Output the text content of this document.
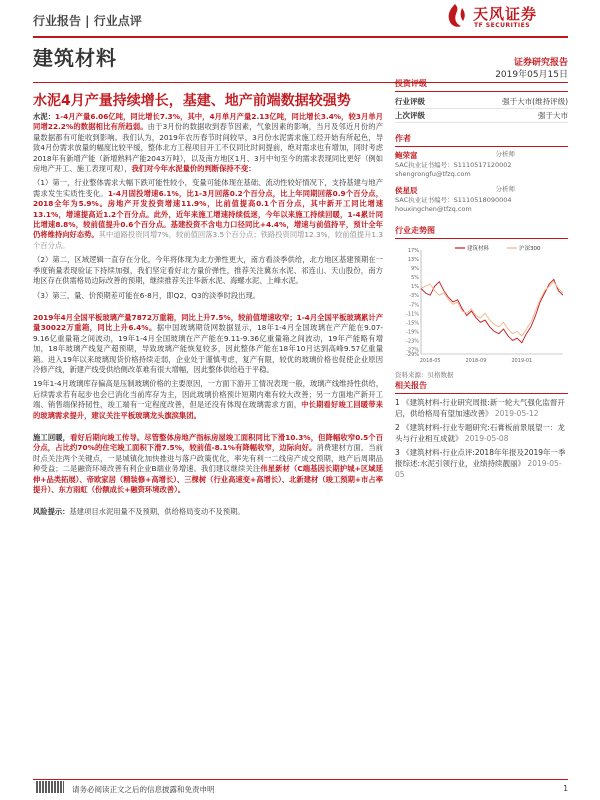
行业报告 | 行业点评	天风证券
TF SECURITIES
建筑材料	证券研究报告
2019年05月15日
水泥4月产量持续增长，基建、地产前端数据较强势

水泥：1-4月产量6.06亿吨，同比增长7.3%，其中，4月单月产量2.13亿吨，同比增长3.4%，较3月单月同增22.2%的数据相比有所趋弱。由于3月份的数据收到春节因素，气象因素的影响，当月及邻近月份的产量数据都有可能收到影响。我们认为，2019年农历春节时间较早，3月份水泥需求施工经开始有所起色，导致4月份需求放量的幅度比较平缓，整体北方工程项目开工不仅同比时间提前，绝对需求也有增加，同时考虑2018年有新增产能（新增熟料产能2043万吨），以及南方地区1月、3月中旬至今的需求表现同比更好（例如房地产开工、施工表现可观），我们对今年水泥量价的判断保持不变：

（1）第一，行业整体需求大幅下跌可能性较小，变量可能体现在基础、流动性较好情况下，支持基建与地产需求发生实质性变化。1-4月固投增速6.1%，比1-3月回落0.2个百分点，比上年同期回落0.9个百分点，2018全年为5.9%。房地产开发投资增速11.9%，比前值提高0.1个百分点，其中新开工同比增速13.1%，增速提高近1.2个百分点。此外，近年来施工增速持续低迷，今年以来施工持续回暖，1-4累计同比增速8.8%，较前值提升0.6个百分点。基建投资不含电力口径同比+4.4%，增速与前值持平，预计全年仍将维持向好态势。其中道路投资同增7%，较前值回落3.5个百分点；铁路投资同增12.3%，较前值提升1.3个百分点。

（2）第二，区域逻辑一直存在分化，今年将体现为北方弹性更大，南方看淡季供给，北方地区基建预期在一季度销量表现验证下持续加强，我们坚定看好北方量价弹性，推荐关注冀东水泥、祁连山、天山股份，南方地区存在供需格局边际改善的预期，继续推荐关注华新水泥、海螺水泥、上峰水泥。

（3）第三，量、价预期差可能在6-8月，即Q2、Q3的淡季时段出现。

2019年4月全国平板玻璃产量7872万重箱，同比上升7.5%，较前值增速收窄；1-4月全国平板玻璃累计产量30022万重箱，同比上升6.4%。据中国玻璃期货网数据显示，18年1-4月全国玻璃在产产能在9.07-9.16亿重量箱之间波动，19年1-4月全国玻璃在产产能在9.11-9.36亿重量箱之间波动，19年产能略有增加，18年玻璃产线复产超预期，导致玻璃产能恢复较多，因此整体产能在18年10月达到高峰9.57亿重量箱。进入19年以来玻璃现货价格持续走弱，企业处于谨慎考虑，复产有限，较优的玻璃价格也促使企业原因冷修产线，新建产线受供给侧改革难有很大增幅，因此整体供给趋于平稳。

19年1-4月玻璃库存偏高是压制玻璃价格的主要原因，一方面下游开工情况表现一般，玻璃产线维持性供给，后续需求若有起步也会已消化当前库存为主，因此玻璃价格预计短期内难有较大改善；另一方面地产新开工端、销售端保持韧性，竣工端有一定程度改善，但是还没有体现在玻璃需求方面，中长期看好竣工回暖带来的玻璃需求提升，建议关注平板玻璃龙头旗滨集团。

施工回暖，看好后期向竣工传导。尽管整体房地产指标房屋竣工面积同比下滑10.3%，但降幅收窄0.5个百分点，占比约70%的住宅竣工面积下滑7.5%，较前值-8.1%有降幅收窄，边际向好。消费建材方面，当前时点关注两个关键点，一是城镇化加快推进与落户政策优化，率先有利一二线房产成交预期，地产后周期品种受益；二是融资环境改善有利企业B端业务增速。我们建议继续关注伟星新材（C端基因长期护城+区域延伸+品类拓展）、帝欧家居（精装修+高增长）、三棵树（行业高速变+高增长）、北新建材（竣工预期+市占率提升）、东方雨虹（份额成长+融资环境改善）。

风险提示：基建项目水泥用量不及预期，供给格局变动不及预期。

投资评级
行业评级	强于大市(维持评级)
上次评级	强于大市
作者
鲍荣富	分析师
SAC执业证书编号：S1110517120002
shengrongfu@tfzq.com
侯星辰	分析师
SAC执业证书编号：S1110518090004
houxingchen@tfzq.com
行业走势图
17%
13%
9%
5%
1%
-3%
-7%
-11%
-15%
-19%
-23%
-27%
-29%
2018-05	2018-09	2019-01
建筑材料	沪深300
资料来源：贝格数据
相关报告
1 《建筑材料-行业研究周报:新一轮大气强化监督开启，供给格局有望加速改善》 2019-05-12
2 《建筑材料-行业专题研究:石膏板前景展望一：龙头与行业相互成就》 2019-05-08
3 《建筑材料-行业点评:2018年年报及2019年一季报综述:水泥引领行业，业绩持续靓丽》 2019-05-05
请务必阅读正文之后的信息披露和免责申明	1
